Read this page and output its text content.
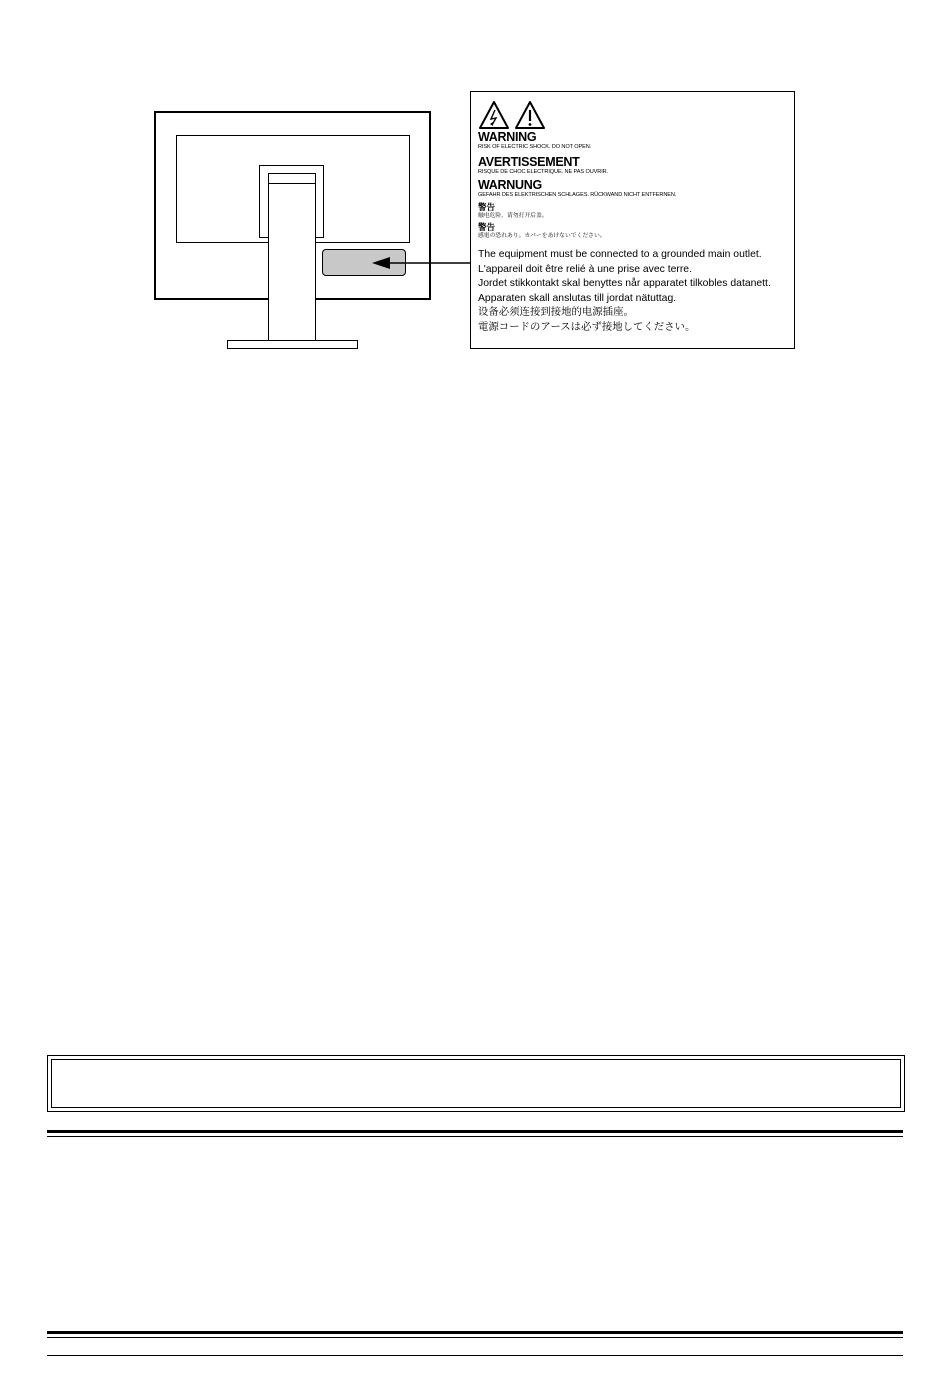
WARNING
RISK OF ELECTRIC SHOCK. DO NOT OPEN.
AVERTISSEMENT
RISQUE DE CHOC ELECTRIQUE. NE PAS OUVRIR.
WARNUNG
GEFAHR DES ELEKTRISCHEN SCHLAGES. RÜCKWAND NICHT ENTFERNEN.
警告
触电危险，请勿打开后盖。
警告
感電の恐れあり。カバーをあけないでください。
The equipment must be connected to a grounded main outlet.
L'appareil doit être relié à une prise avec terre.
Jordet stikkontakt skal benyttes når apparatet tilkobles datanett.
Apparaten skall anslutas till jordat nätuttag.
设备必须连接到接地的电源插座。
電源コードのアースは必ず接地してください。
